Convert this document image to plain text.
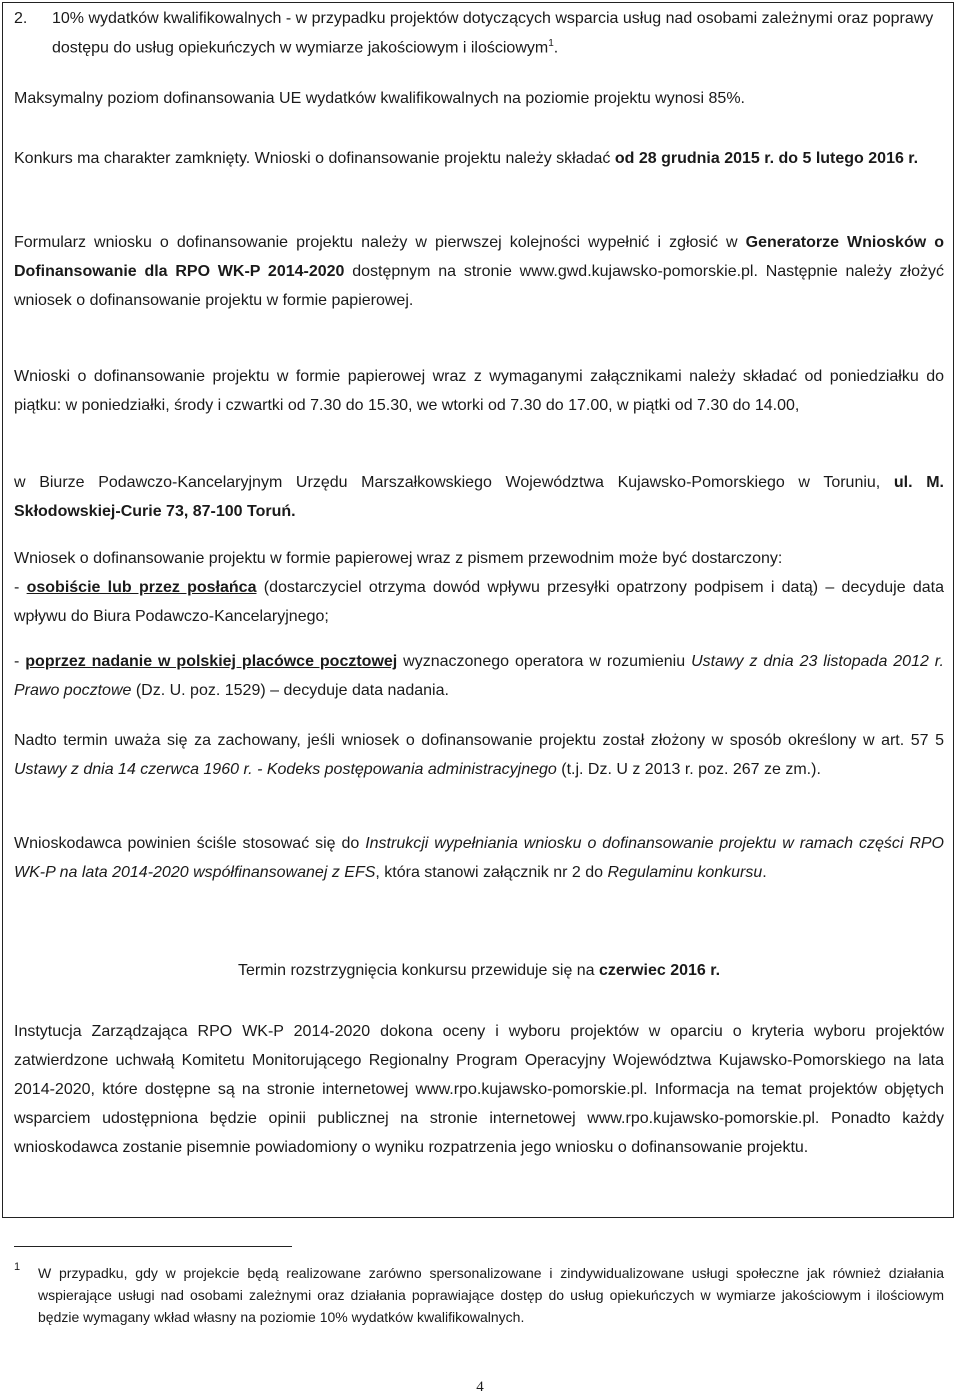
2. 10% wydatków kwalifikowalnych - w przypadku projektów dotyczących wsparcia usług nad osobami zależnymi oraz poprawy dostępu do usług opiekuńczych w wymiarze jakościowym i ilościowym$^1$.

Maksymalny poziom dofinansowania UE wydatków kwalifikowalnych na poziomie projektu wynosi 85%.

Konkurs ma charakter zamknięty. Wnioski o dofinansowanie projektu należy składać od 28 grudnia 2015 r. do 5 lutego 2016 r.

Formularz wniosku o dofinansowanie projektu należy w pierwszej kolejności wypełnić i zgłosić w Generatorze Wniosków o Dofinansowanie dla RPO WK-P 2014-2020 dostępnym na stronie www.gwd.kujawsko-pomorskie.pl. Następnie należy złożyć wniosek o dofinansowanie projektu w formie papierowej.

Wnioski o dofinansowanie projektu w formie papierowej wraz z wymaganymi załącznikami należy składać od poniedziałku do piątku: w poniedziałki, środy i czwartki od 7.30 do 15.30, we wtorki od 7.30 do 17.00, w piątki od 7.30 do 14.00,

w Biurze Podawczo-Kancelaryjnym Urzędu Marszałkowskiego Województwa Kujawsko-Pomorskiego w Toruniu, ul. M. Skłodowskiej-Curie 73, 87-100 Toruń.

Wniosek o dofinansowanie projektu w formie papierowej wraz z pismem przewodnim może być dostarczony:

- osobiście lub przez posłańca (dostarczyciel otrzyma dowód wpływu przesyłki opatrzony podpisem i datą) – decyduje data wpływu do Biura Podawczo-Kancelaryjnego;

- poprzez nadanie w polskiej placówce pocztowej wyznaczonego operatora w rozumieniu Ustawy z dnia 23 listopada 2012 r. Prawo pocztowe (Dz. U. poz. 1529) – decyduje data nadania.

Nadto termin uważa się za zachowany, jeśli wniosek o dofinansowanie projektu został złożony w sposób określony w art. 57 5 Ustawy z dnia 14 czerwca 1960 r. - Kodeks postępowania administracyjnego (t.j. Dz. U z 2013 r. poz. 267 ze zm.).

Wnioskodawca powinien ściśle stosować się do Instrukcji wypełniania wniosku o dofinansowanie projektu w ramach części RPO WK-P na lata 2014-2020 współfinansowanej z EFS, która stanowi załącznik nr 2 do Regulaminu konkursu.

Termin rozstrzygnięcia konkursu przewiduje się na czerwiec 2016 r.

Instytucja Zarządzająca RPO WK-P 2014-2020 dokona oceny i wyboru projektów w oparciu o kryteria wyboru projektów zatwierdzone uchwałą Komitetu Monitorującego Regionalny Program Operacyjny Województwa Kujawsko-Pomorskiego na lata 2014-2020, które dostępne są na stronie internetowej www.rpo.kujawsko-pomorskie.pl. Informacja na temat projektów objętych wsparciem udostępniona będzie opinii publicznej na stronie internetowej www.rpo.kujawsko-pomorskie.pl. Ponadto każdy wnioskodawca zostanie pisemnie powiadomiony o wyniku rozpatrzenia jego wniosku o dofinansowanie projektu.

1 W przypadku, gdy w projekcie będą realizowane zarówno spersonalizowane i zindywidualizowane usługi społeczne jak również działania wspierające usługi nad osobami zależnymi oraz działania poprawiające dostęp do usług opiekuńczych w wymiarze jakościowym i ilościowym będzie wymagany wkład własny na poziomie 10% wydatków kwalifikowalnych.
4
